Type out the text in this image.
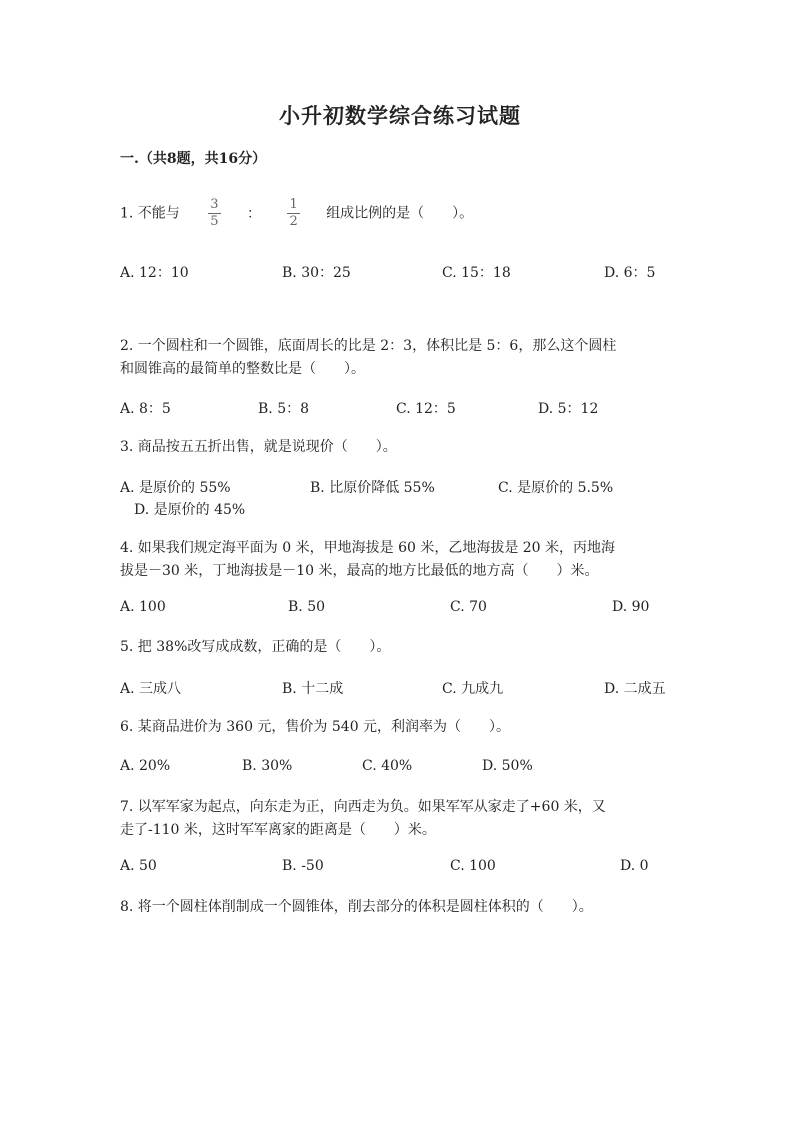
小升初数学综合练习试题
一.（共8题，共16分）
1. 不能与 $\frac{3}{5}$ ： $\frac{1}{2}$ 组成比例的是（　　）。
A. 12：10	B. 30：25	C. 15：18	D. 6：5
2. 一个圆柱和一个圆锥，底面周长的比是 2：3，体积比是 5：6，那么这个圆柱
和圆锥高的最简单的整数比是（　　）。
A. 8：5	B. 5：8	C. 12：5	D. 5：12
3. 商品按五五折出售，就是说现价（　　）。
A. 是原价的 55%	B. 比原价降低 55%	C. 是原价的 5.5%
D. 是原价的 45%
4. 如果我们规定海平面为 0 米，甲地海拔是 60 米，乙地海拔是 20 米，丙地海
拔是－30 米，丁地海拔是－10 米，最高的地方比最低的地方高（　　）米。
A. 100	B. 50	C. 70	D. 90
5. 把 38%改写成成数，正确的是（　　）。
A. 三成八	B. 十二成	C. 九成九	D. 二成五
6. 某商品进价为 360 元，售价为 540 元，利润率为（　　）。
A. 20%	B. 30%	C. 40%	D. 50%
7. 以军军家为起点，向东走为正，向西走为负。如果军军从家走了+60 米，又
走了-110 米，这时军军离家的距离是（　　）米。
A. 50	B. -50	C. 100	D. 0
8. 将一个圆柱体削制成一个圆锥体，削去部分的体积是圆柱体积的（　　）。
